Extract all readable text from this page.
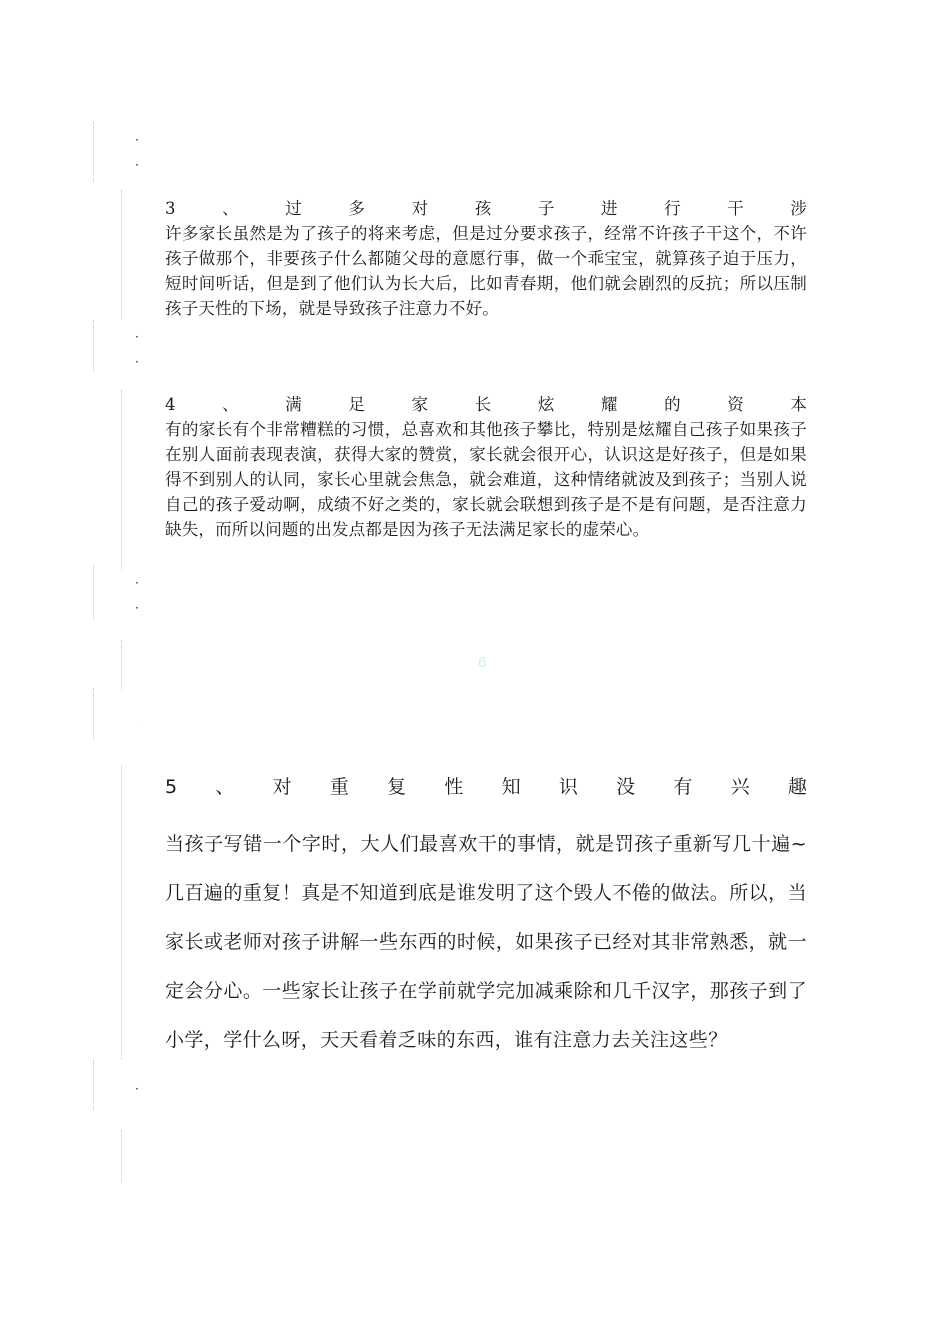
·
·
·
·
·
·
·
3	、	过	多	对	孩	子	进	行	干	涉
许多家长虽然是为了孩子的将来考虑，但是过分要求孩子，经常不许孩子干这个，不许孩子做那个，非要孩子什么都随父母的意愿行事，做一个乖宝宝，就算孩子迫于压力，短时间听话，但是到了他们认为长大后，比如青春期，他们就会剧烈的反抗；所以压制孩子天性的下场，就是导致孩子注意力不好。
4	、	满	足	家	长	炫	耀	的	资	本
有的家长有个非常糟糕的习惯，总喜欢和其他孩子攀比，特别是炫耀自己孩子如果孩子在别人面前表现表演，获得大家的赞赏，家长就会很开心，认识这是好孩子，但是如果得不到别人的认同，家长心里就会焦急，就会难道，这种情绪就波及到孩子；当别人说自己的孩子爱动啊，成绩不好之类的，家长就会联想到孩子是不是有问题，是否注意力缺失，而所以问题的出发点都是因为孩子无法满足家长的虚荣心。
6
·
5 、 对 重 复 性 知 识 没 有 兴 趣
当孩子写错一个字时，大人们最喜欢干的事情，就是罚孩子重新写几十遍~几百遍的重复！真是不知道到底是谁发明了这个毁人不倦的做法。所以，当家长或老师对孩子讲解一些东西的时候，如果孩子已经对其非常熟悉，就一定会分心。一些家长让孩子在学前就学完加减乘除和几千汉字，那孩子到了小学，学什么呀，天天看着乏味的东西，谁有注意力去关注这些？
